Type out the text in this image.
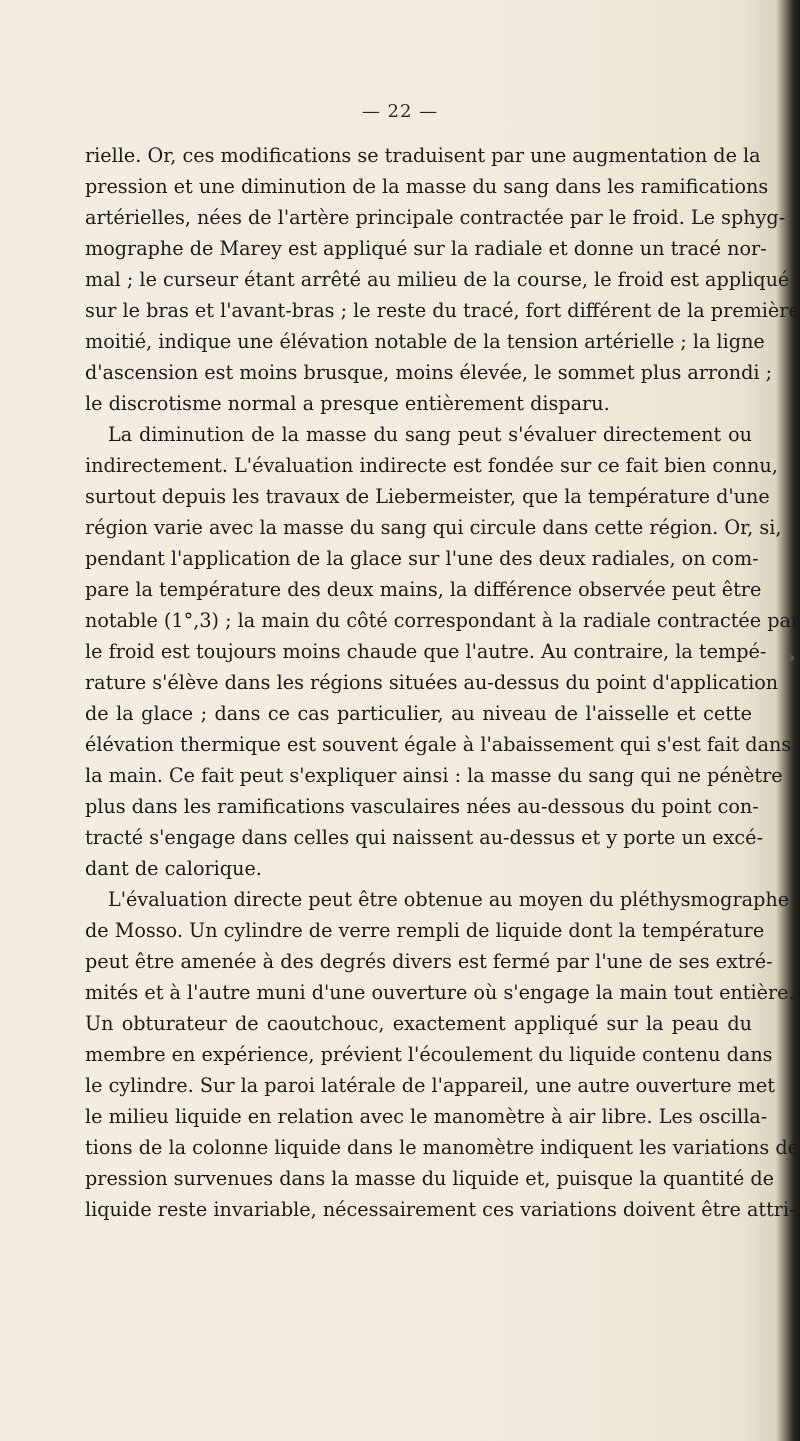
— 22 —

rielle. Or, ces modifications se traduisent par une augmentation de la
pression et une diminution de la masse du sang dans les ramifications
artérielles, nées de l'artère principale contractée par le froid. Le sphyg-
mographe de Marey est appliqué sur la radiale et donne un tracé nor-
mal ; le curseur étant arrêté au milieu de la course, le froid est appliqué
sur le bras et l'avant-bras ; le reste du tracé, fort différent de la première
moitié, indique une élévation notable de la tension artérielle ; la ligne
d'ascension est moins brusque, moins élevée, le sommet plus arrondi ;
le discrotisme normal a presque entièrement disparu.

La diminution de la masse du sang peut s'évaluer directement ou
indirectement. L'évaluation indirecte est fondée sur ce fait bien connu,
surtout depuis les travaux de Liebermeister, que la température d'une
région varie avec la masse du sang qui circule dans cette région. Or, si,
pendant l'application de la glace sur l'une des deux radiales, on com-
pare la température des deux mains, la différence observée peut être
notable (1°,3) ; la main du côté correspondant à la radiale contractée par
le froid est toujours moins chaude que l'autre. Au contraire, la tempé-
rature s'élève dans les régions situées au-dessus du point d'application
de la glace ; dans ce cas particulier, au niveau de l'aisselle et cette
élévation thermique est souvent égale à l'abaissement qui s'est fait dans
la main. Ce fait peut s'expliquer ainsi : la masse du sang qui ne pénètre
plus dans les ramifications vasculaires nées au-dessous du point con-
tracté s'engage dans celles qui naissent au-dessus et y porte un excé-
dant de calorique.

L'évaluation directe peut être obtenue au moyen du pléthysmographe
de Mosso. Un cylindre de verre rempli de liquide dont la température
peut être amenée à des degrés divers est fermé par l'une de ses extré-
mités et à l'autre muni d'une ouverture où s'engage la main tout entière.
Un obturateur de caoutchouc, exactement appliqué sur la peau du
membre en expérience, prévient l'écoulement du liquide contenu dans
le cylindre. Sur la paroi latérale de l'appareil, une autre ouverture met
le milieu liquide en relation avec le manomètre à air libre. Les oscilla-
tions de la colonne liquide dans le manomètre indiquent les variations de
pression survenues dans la masse du liquide et, puisque la quantité de
liquide reste invariable, nécessairement ces variations doivent être attri-
